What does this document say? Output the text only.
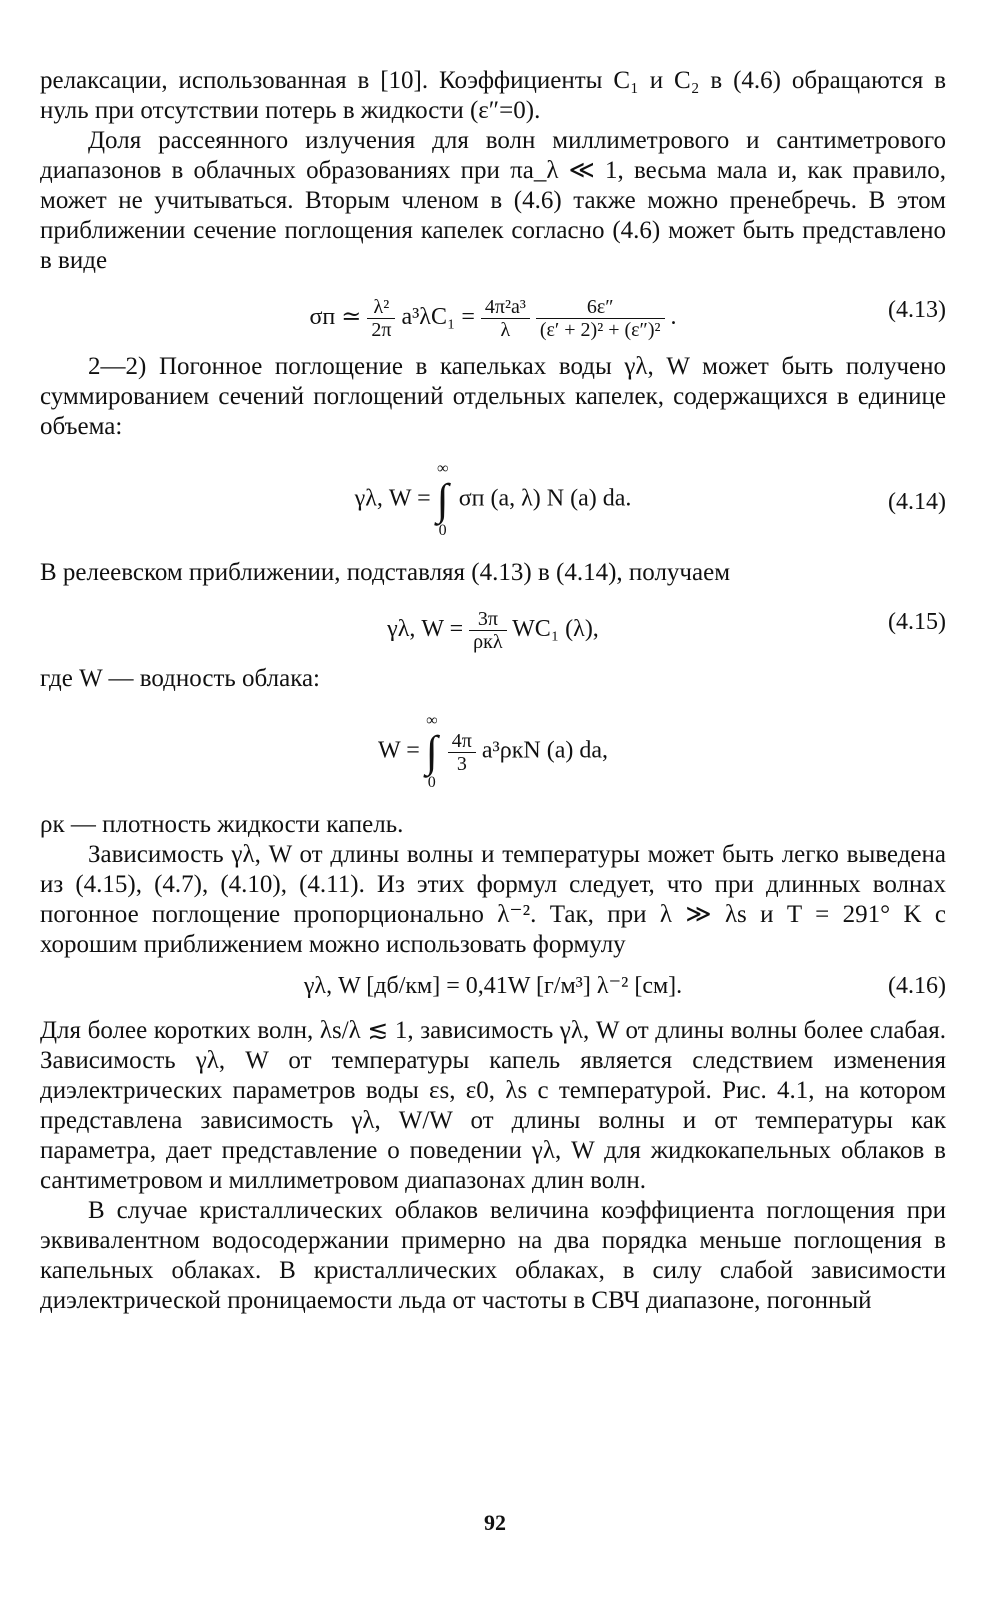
релаксации, использованная в [10]. Коэффициенты C₁ и C₂ в (4.6) обращаются в нуль при отсутствии потерь в жидкости (ε″=0).

Доля рассеянного излучения для волн миллиметрового и сантиметрового диапазонов в облачных образованиях при πa_λ ≪ 1, весьма мала и, как правило, может не учитываться. Вторым членом в (4.6) также можно пренебречь. В этом приближении сечение поглощения капелек согласно (4.6) может быть представлено в виде

σп ≃ $\frac{\text{λ²}}{2\pi} a^3\lambda C_1 = \frac{\text{4π²a³}}{\lambda}$
$\frac{6\varepsilon''}{\text{(ε′ + 2)² + (ε″)²}}$ .	(4.13)

2—2) Погонное поглощение в капельках воды γλ, W может быть получено суммированием сечений поглощений отдельных капелек, содержащихся в единице объема:

γλ, W =
∞
∫
0
σп (a, λ) N (a) da.	(4.14)

В релеевском приближении, подставляя (4.13) в (4.14), получаем

γλ, $W = \frac{3\pi}{\text{ρкλ}} WC_1$ (λ),	(4.15)

где W — водность облака:

W =
∞
∫
0

$\frac{4\pi}{3} a^3\rho кN$ (a) da,

ρк — плотность жидкости капель.

Зависимость γλ, W от длины волны и температуры может быть легко выведена из (4.15), (4.7), (4.10), (4.11). Из этих формул следует, что при длинных волнах погонное поглощение пропорционально λ⁻². Так, при λ ≫ λs и T = 291° K с хорошим приближением можно использовать формулу

γλ, W [дб/км] = 0,41W [г/м³] λ⁻² [см].	(4.16)

Для более коротких волн, λs/λ ≲ 1, зависимость γλ, W от длины волны более слабая. Зависимость γλ, W от температуры капель является следствием изменения диэлектрических параметров воды εs, ε0, λs с температурой. Рис. 4.1, на котором представлена зависимость γλ, W/W от длины волны и от температуры как параметра, дает представление о поведении γλ, W для жидкокапельных облаков в сантиметровом и миллиметровом диапазонах длин волн.

В случае кристаллических облаков величина коэффициента поглощения при эквивалентном водосодержании примерно на два порядка меньше поглощения в капельных облаках. В кристаллических облаках, в силу слабой зависимости диэлектрической проницаемости льда от частоты в СВЧ диапазоне, погонный

92
